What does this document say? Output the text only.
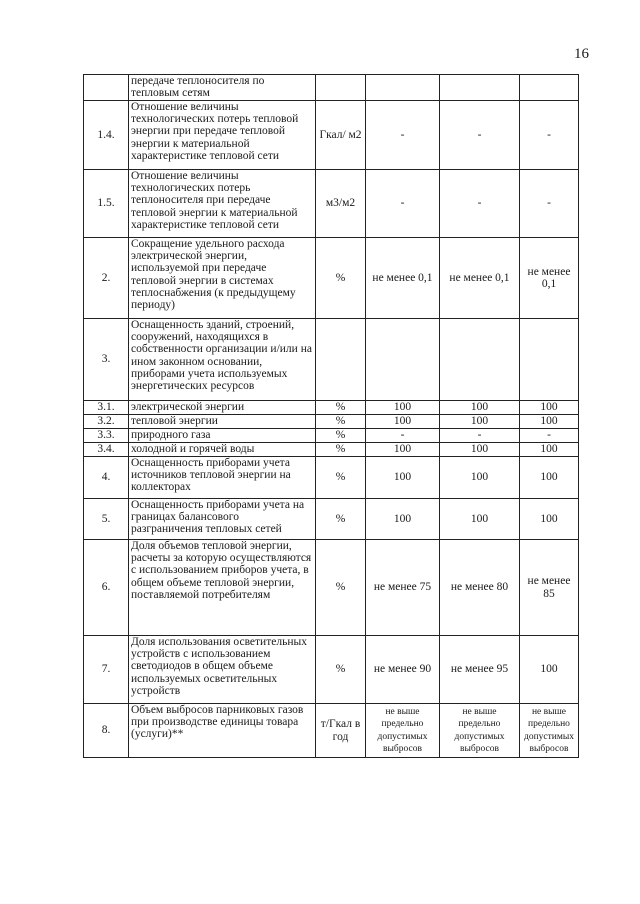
16
	передаче теплоносителя по тепловым сетям				
1.4.	Отношение величины технологических потерь тепловой энергии при передаче тепловой энергии к материальной характеристике тепловой сети	Гкал/ м2	-	-	-
1.5.	Отношение величины технологических потерь теплоносителя при передаче тепловой энергии к материальной характеристике тепловой сети	м3/м2	-	-	-
2.	Сокращение удельного расхода электрической энергии, используемой при передаче тепловой энергии в системах теплоснабжения (к предыдущему периоду)	%	не менее 0,1	не менее 0,1	не менее 0,1
3.	Оснащенность зданий, строений, сооружений, находящихся в собственности организации и/или на ином законном основании, приборами учета используемых энергетических ресурсов				
3.1.	электрической энергии	%	100	100	100
3.2.	тепловой энергии	%	100	100	100
3.3.	природного газа	%	-	-	-
3.4.	холодной и горячей воды	%	100	100	100
4.	Оснащенность приборами учета источников тепловой энергии на коллекторах	%	100	100	100
5.	Оснащенность приборами учета на границах балансового разграничения тепловых сетей	%	100	100	100
6.	Доля объемов тепловой энергии, расчеты за которую осуществляются с использованием приборов учета, в общем объеме тепловой энергии, поставляемой потребителям	%	не менее 75	не менее 80	не менее 85
7.	Доля использования осветительных устройств с использованием светодиодов в общем объеме используемых осветительных устройств	%	не менее 90	не менее 95	100
8.	Объем выбросов парниковых газов при производстве единицы товара (услуги)**	т/Гкал в год	не выше предельно допустимых выбросов	не выше предельно допустимых выбросов	не выше предельно допустимых выбросов
